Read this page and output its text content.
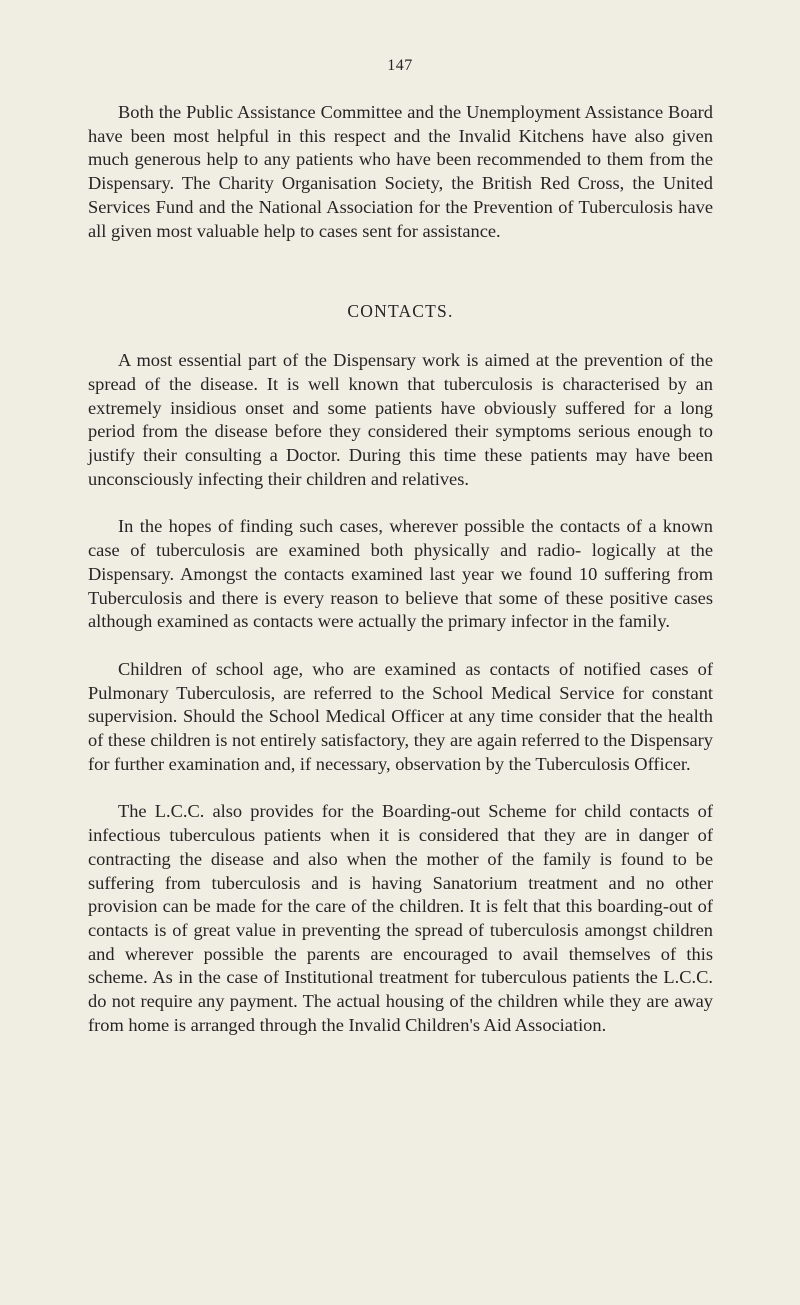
147

Both the Public Assistance Committee and the Unemployment Assistance Board have been most helpful in this respect and the Invalid Kitchens have also given much generous help to any patients who have been recommended to them from the Dispensary. The Charity Organisation Society, the British Red Cross, the United Services Fund and the National Association for the Prevention of Tuberculosis have all given most valuable help to cases sent for assistance.

CONTACTS.

A most essential part of the Dispensary work is aimed at the prevention of the spread of the disease. It is well known that tuberculosis is characterised by an extremely insidious onset and some patients have obviously suffered for a long period from the disease before they considered their symptoms serious enough to justify their consulting a Doctor. During this time these patients may have been unconsciously infecting their children and relatives.

In the hopes of finding such cases, wherever possible the contacts of a known case of tuberculosis are examined both physically and radio- logically at the Dispensary. Amongst the contacts examined last year we found 10 suffering from Tuberculosis and there is every reason to believe that some of these positive cases although examined as contacts were actually the primary infector in the family.

Children of school age, who are examined as contacts of notified cases of Pulmonary Tuberculosis, are referred to the School Medical Service for constant supervision. Should the School Medical Officer at any time consider that the health of these children is not entirely satisfactory, they are again referred to the Dispensary for further examination and, if necessary, observation by the Tuberculosis Officer.

The L.C.C. also provides for the Boarding-out Scheme for child contacts of infectious tuberculous patients when it is considered that they are in danger of contracting the disease and also when the mother of the family is found to be suffering from tuberculosis and is having Sanatorium treatment and no other provision can be made for the care of the children. It is felt that this boarding-out of contacts is of great value in preventing the spread of tuberculosis amongst children and wherever possible the parents are encouraged to avail themselves of this scheme. As in the case of Institutional treatment for tuberculous patients the L.C.C. do not require any payment. The actual housing of the children while they are away from home is arranged through the Invalid Children's Aid Association.
